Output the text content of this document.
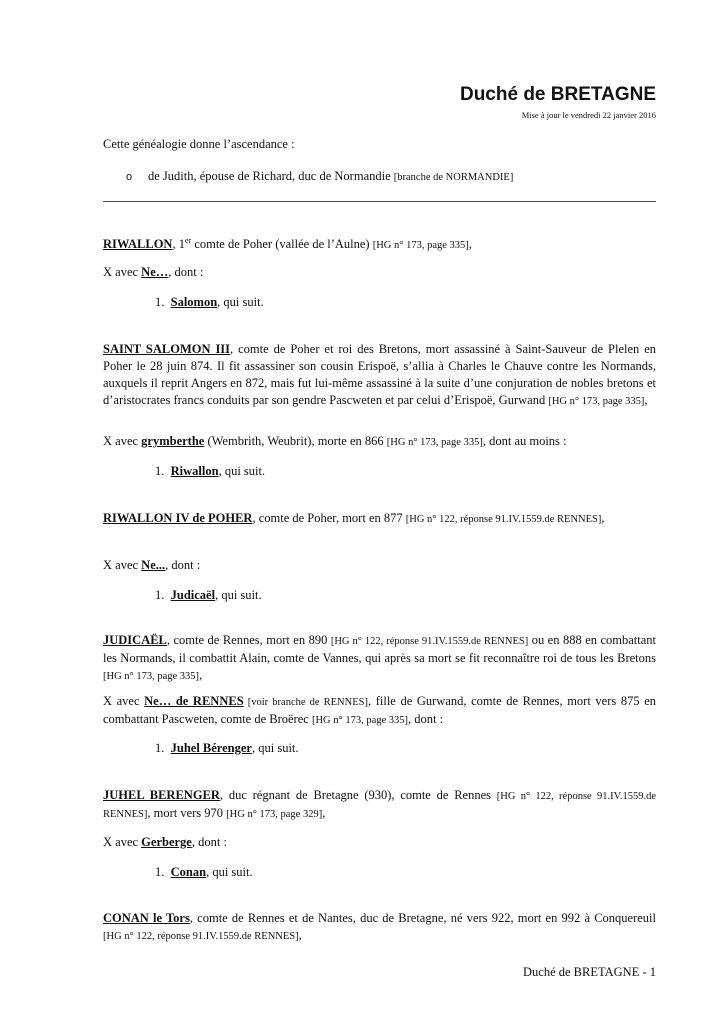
Duché de BRETAGNE
Mise à jour le vendredi 22 janvier 2016
Cette généalogie donne l’ascendance :
o de Judith, épouse de Richard, duc de Normandie [branche de NORMANDIE]
RIWALLON, 1er comte de Poher (vallée de l’Aulne) [HG n° 173, page 335],
X avec Ne…, dont :
1. Salomon, qui suit.
SAINT SALOMON III, comte de Poher et roi des Bretons, mort assassiné à Saint-Sauveur de Plelen en Poher le 28 juin 874. Il fit assassiner son cousin Erispoë, s’allia à Charles le Chauve contre les Normands, auxquels il reprit Angers en 872, mais fut lui-même assassiné à la suite d’une conjuration de nobles bretons et d’aristocrates francs conduits par son gendre Pascweten et par celui d’Erispoë, Gurwand [HG n° 173, page 335],
X avec grymberthe (Wembrith, Weubrit), morte en 866 [HG n° 173, page 335], dont au moins :
1. Riwallon, qui suit.
RIWALLON IV de POHER, comte de Poher, mort en 877 [HG n° 122, réponse 91.IV.1559.de RENNES],
X avec Ne..., dont :
1. Judicaël, qui suit.
JUDICAËL, comte de Rennes, mort en 890 [HG n° 122, réponse 91.IV.1559.de RENNES] ou en 888 en combattant les Normands, il combattit Alain, comte de Vannes, qui après sa mort se fit reconnaître roi de tous les Bretons [HG n° 173, page 335],
X avec Ne… de RENNES [voir branche de RENNES], fille de Gurwand, comte de Rennes, mort vers 875 en combattant Pascweten, comte de Broërec [HG n° 173, page 335], dont :
1. Juhel Bérenger, qui suit.
JUHEL BERENGER, duc régnant de Bretagne (930), comte de Rennes [HG n° 122, réponse 91.IV.1559.de RENNES], mort vers 970 [HG n° 173, page 329],
X avec Gerberge, dont :
1. Conan, qui suit.
CONAN le Tors, comte de Rennes et de Nantes, duc de Bretagne, né vers 922, mort en 992 à Conquereuil [HG n° 122, réponse 91.IV.1559.de RENNES],
Duché de BRETAGNE - 1
